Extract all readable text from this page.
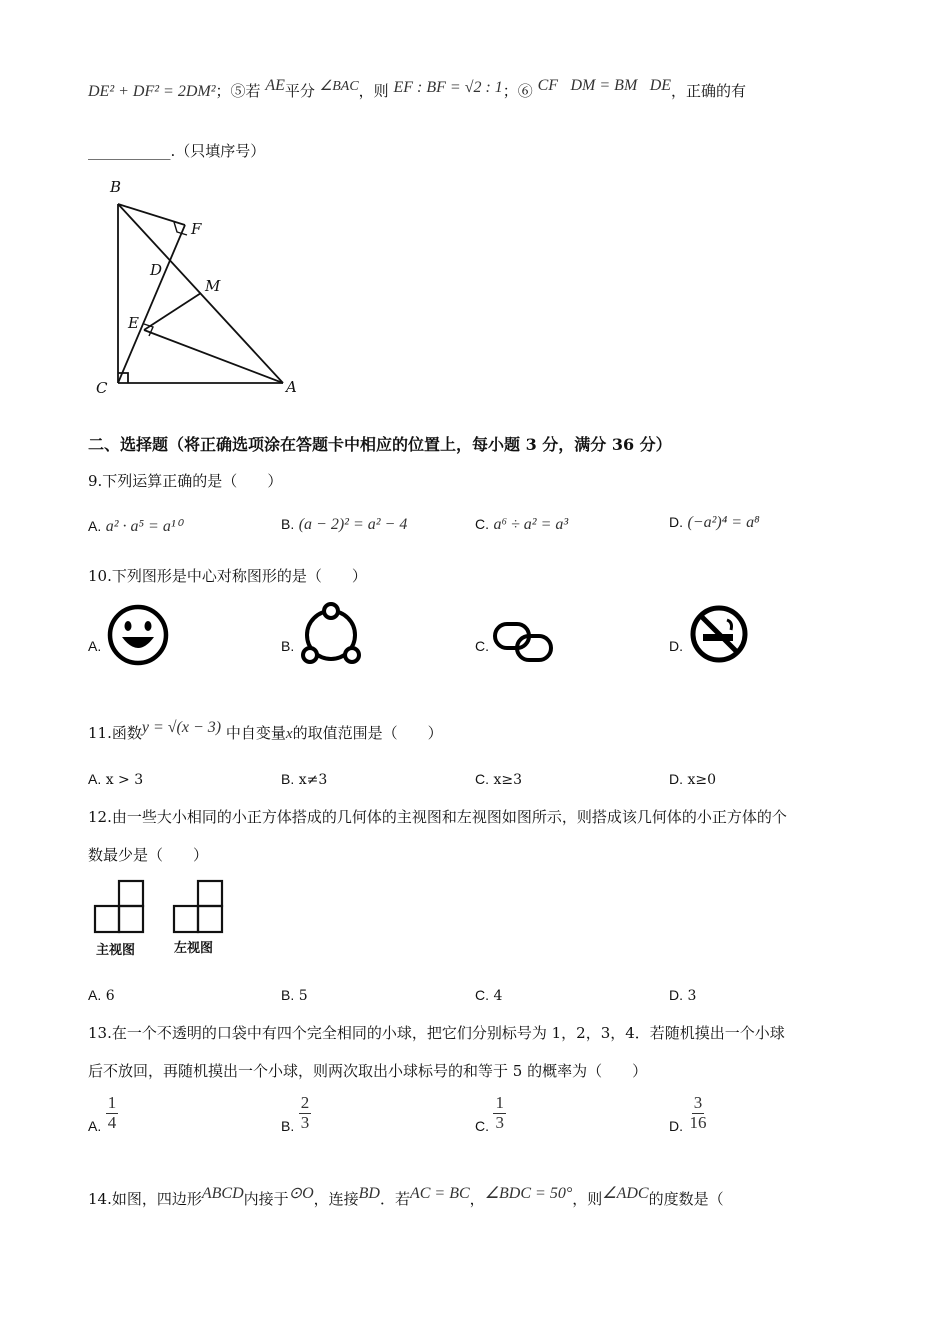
DE² + DF² = 2DM²；⑤若 AE平分 ∠BAC，则 EF : BF = √2 : 1；⑥ CF⃞DM = BM⃞DE，正确的有
___________.（只填序号）
B
F
D
M
E
C	A
二、选择题（将正确选项涂在答题卡中相应的位置上，每小题 3 分，满分 36 分）
9.下列运算正确的是（　　）
A. a² · a⁵ = a¹⁰	B. (a − 2)² = a² − 4	C. a⁶ ÷ a² = a³	D. (−a²)⁴ = a⁸
10.下列图形是中心对称图形的是（　　）
A.	B.	C.	D.
11.函数y = √(x − 3) 中自变量x的取值范围是（　　）
A. x > 3	B. x≠3	C. x≥3	D. x≥0
12.由一些大小相同的小正方体搭成的几何体的主视图和左视图如图所示，则搭成该几何体的小正方体的个
数最少是（　　）
主视图	左视图
A. 6	B. 5	C. 4	D. 3
13.在一个不透明的口袋中有四个完全相同的小球，把它们分别标号为 1，2，3，4．若随机摸出一个小球
后不放回，再随机摸出一个小球，则两次取出小球标号的和等于 5 的概率为（　　）
A. $\frac{1}{4}$	B. $\frac{2}{3}$	C. $\frac{1}{3}$	D. $\frac{3}{16}$
14.如图，四边形ABCD内接于⊙O，连接BD．若AC = BC，∠BDC = 50°，则∠ADC的度数是（
